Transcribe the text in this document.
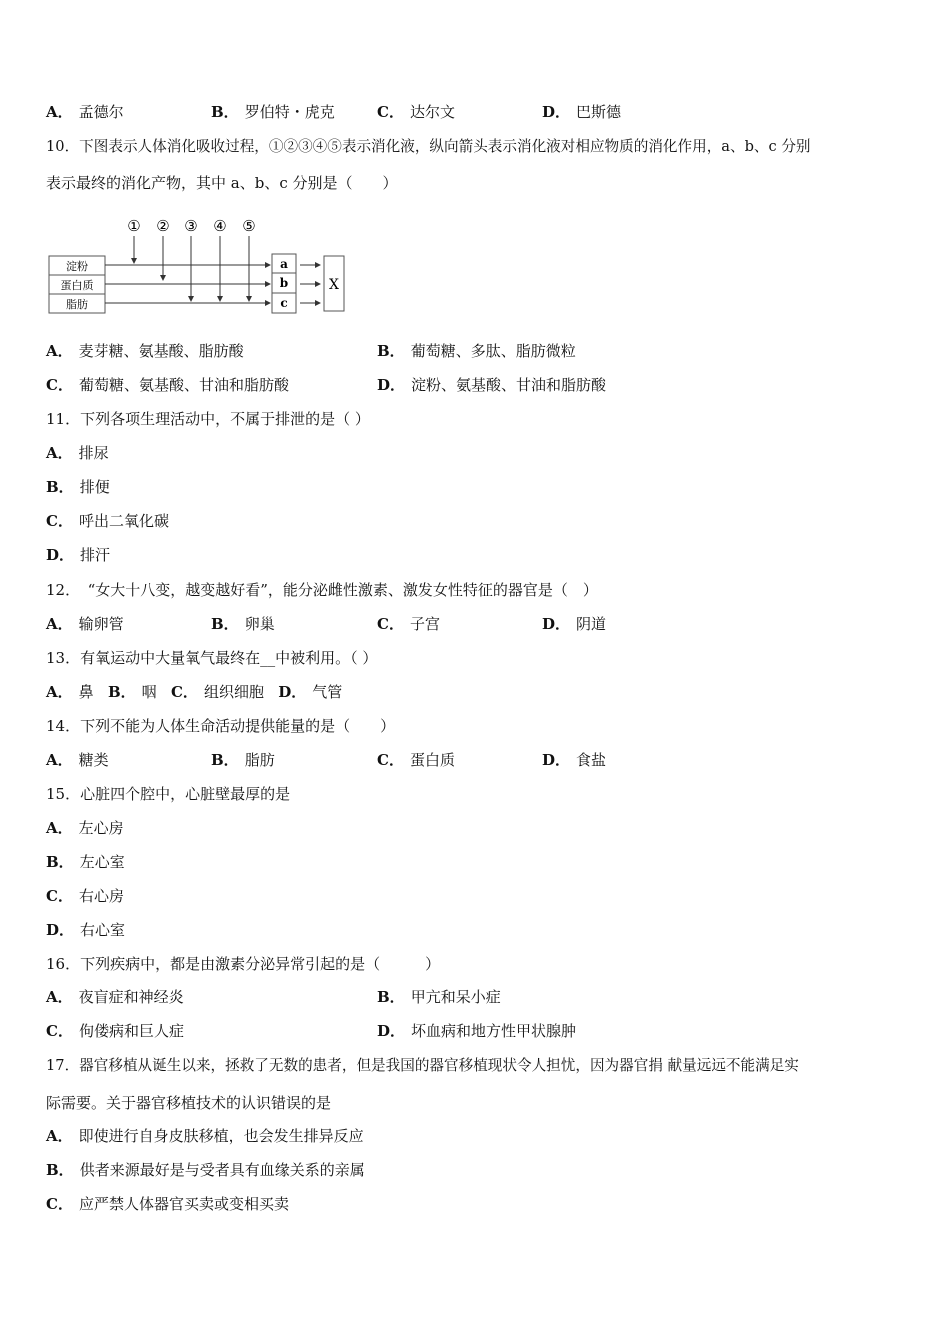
A． 孟德尔	B． 罗伯特・虎克	C． 达尔文	D． 巴斯德
10．下图表示人体消化吸收过程，①②③④⑤表示消化液，纵向箭头表示消化液对相应物质的消化作用，a、b、c 分别
表示最终的消化产物，其中 a、b、c 分别是（　　）
淀粉
蛋白质
脂肪
① ② ③ ④ ⑤
a
b
c
X
A． 麦芽糖、氨基酸、脂肪酸	B． 葡萄糖、多肽、脂肪微粒
C． 葡萄糖、氨基酸、甘油和脂肪酸	D． 淀粉、氨基酸、甘油和脂肪酸
11．下列各项生理活动中，不属于排泄的是（ ）
A． 排尿
B． 排便
C． 呼出二氧化碳
D． 排汗
12．　“女大十八变，越变越好看”，能分泌雌性激素、激发女性特征的器官是（　）
A． 输卵管	B． 卵巢	C． 子宫	D． 阴道
13．有氧运动中大量氧气最终在__中被利用。（ ）
A． 鼻 B． 咽 C． 组织细胞 D． 气管
14．下列不能为人体生命活动提供能量的是（　　）
A． 糖类	B． 脂肪	C． 蛋白质	D． 食盐
15．心脏四个腔中，心脏壁最厚的是
A． 左心房
B． 左心室
C． 右心房
D． 右心室
16．下列疾病中，都是由激素分泌异常引起的是（　　　）
A． 夜盲症和神经炎	B． 甲亢和呆小症
C． 佝偻病和巨人症	D． 坏血病和地方性甲状腺肿
17．器官移植从诞生以来，拯救了无数的患者，但是我国的器官移植现状令人担忧，因为器官捐 献量远远不能满足实
际需要。关于器官移植技术的认识错误的是
A． 即使进行自身皮肤移植，也会发生排异反应
B． 供者来源最好是与受者具有血缘关系的亲属
C． 应严禁人体器官买卖或变相买卖
